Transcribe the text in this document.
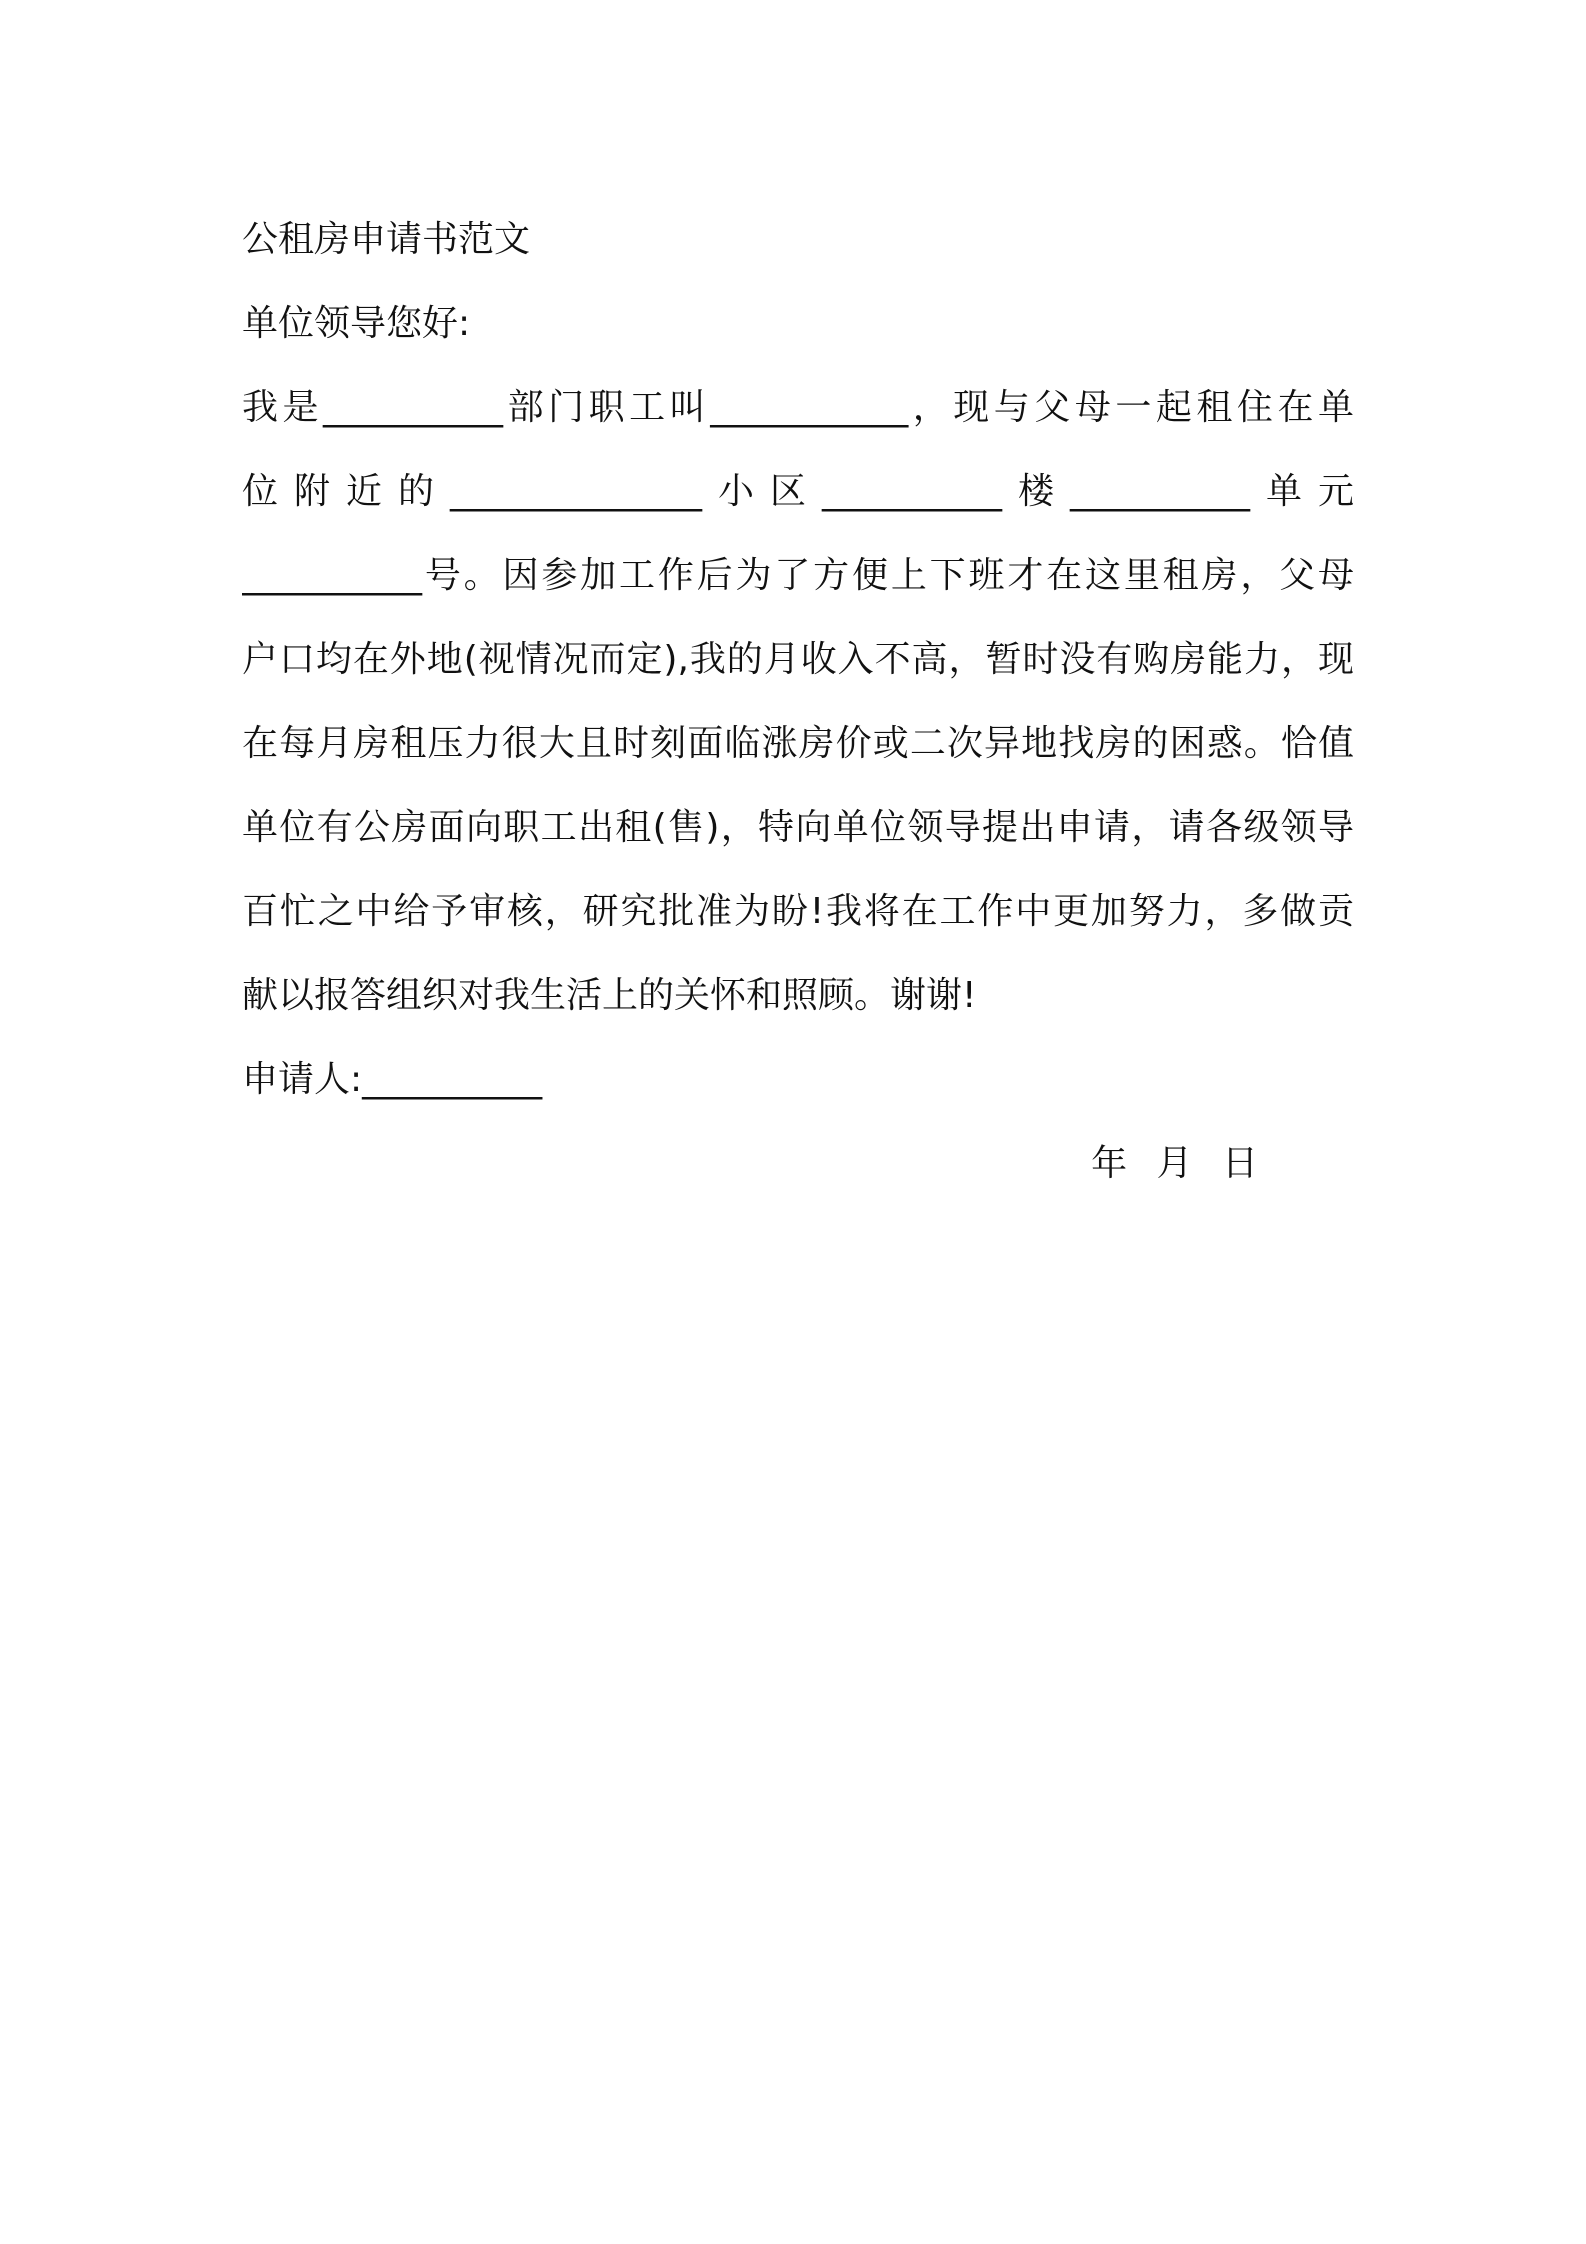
公租房申请书范文
单位领导您好:
我是__________部门职工叫___________，现与父母一起租住在单
位附近的______________小区__________楼__________单元
__________号。因参加工作后为了方便上下班才在这里租房，父母
户口均在外地(视情况而定),我的月收入不高，暂时没有购房能力，现
在每月房租压力很大且时刻面临涨房价或二次异地找房的困惑。恰值
单位有公房面向职工出租(售)，特向单位领导提出申请，请各级领导
百忙之中给予审核，研究批准为盼!我将在工作中更加努力，多做贡
献以报答组织对我生活上的关怀和照顾。谢谢!
申请人:__________
年 月 日
